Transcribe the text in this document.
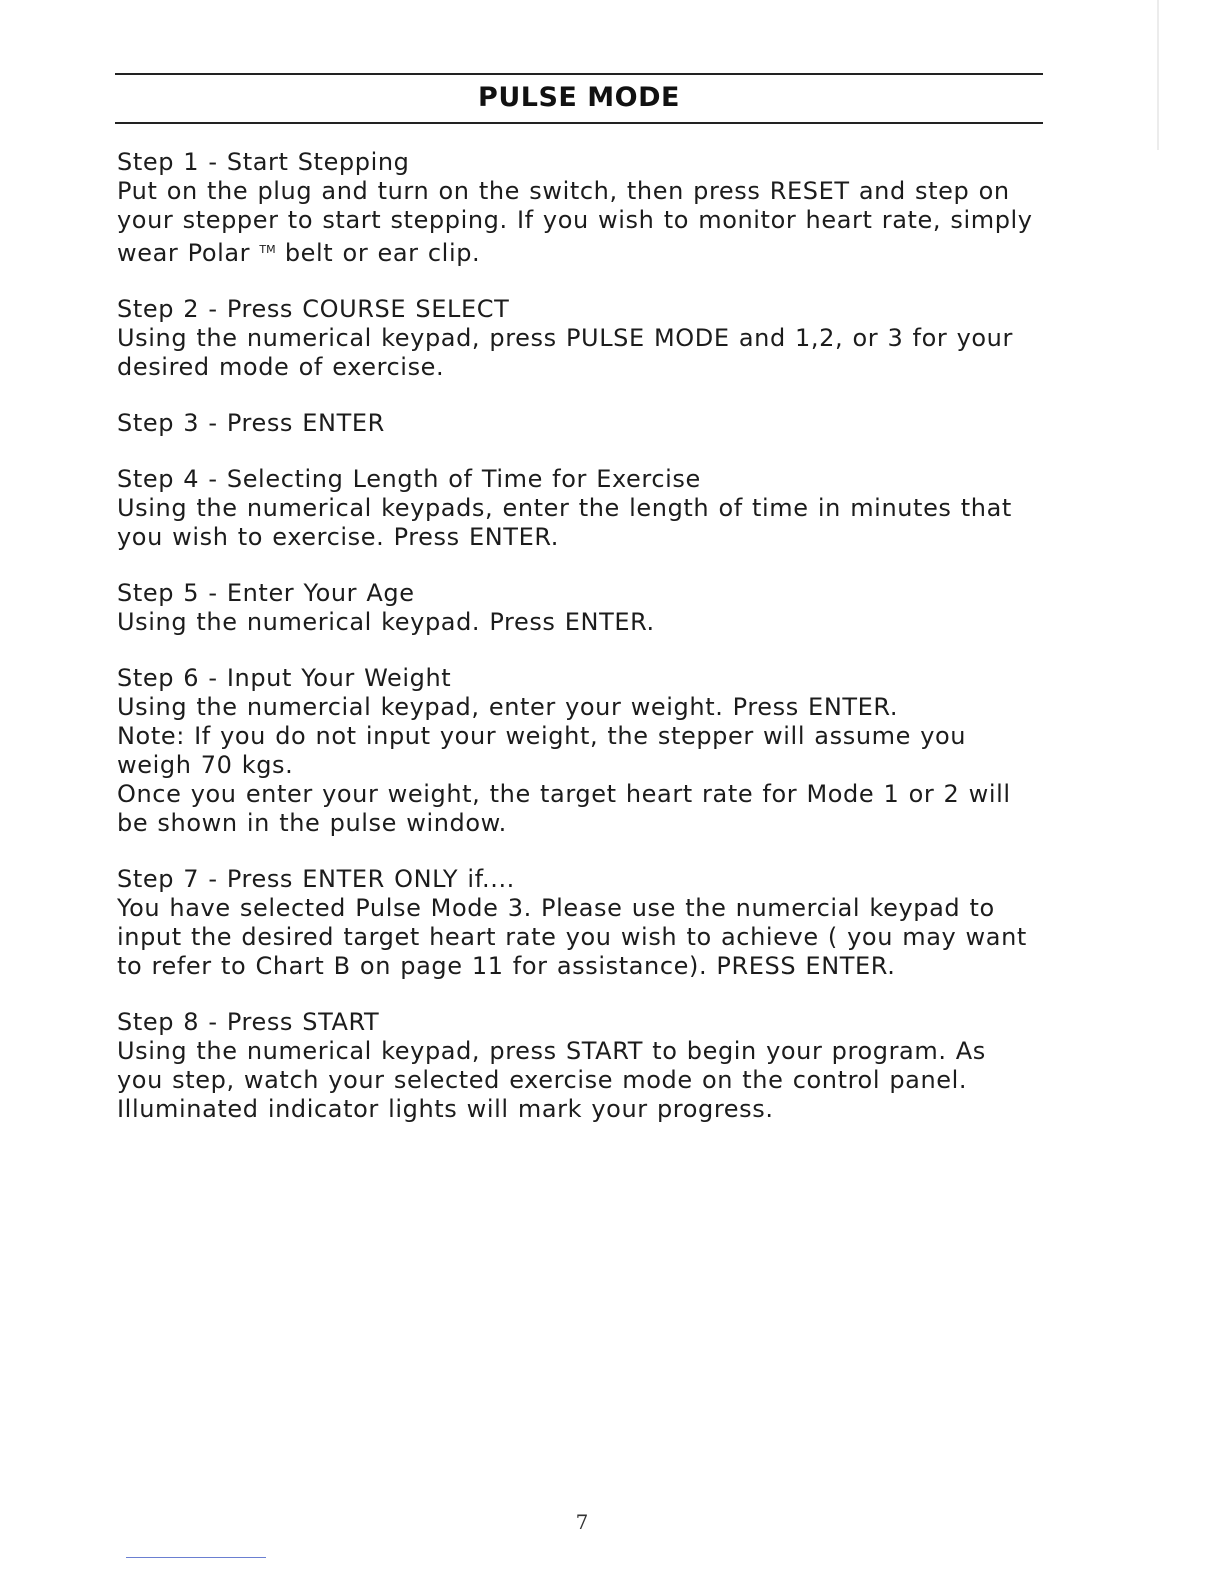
PULSE MODE

Step 1 - Start Stepping

Put on the plug and turn on the switch, then press RESET and step on your stepper to start stepping. If you wish to monitor heart rate, simply wear Polar ™ belt or ear clip.

Step 2 - Press COURSE SELECT

Using the numerical keypad, press PULSE MODE and 1,2, or 3 for your desired mode of exercise.

Step 3 - Press ENTER

Step 4 - Selecting Length of Time for Exercise

Using the numerical keypads, enter the length of time in minutes that you wish to exercise. Press ENTER.

Step 5 - Enter Your Age

Using the numerical keypad. Press ENTER.

Step 6 - Input Your Weight

Using the numercial keypad, enter your weight. Press ENTER.

Note: If you do not input your weight, the stepper will assume you weigh 70 kgs.

Once you enter your weight, the target heart rate for Mode 1 or 2 will be shown in the pulse window.

Step 7 - Press ENTER ONLY if....

You have selected Pulse Mode 3. Please use the numercial keypad to input the desired target heart rate you wish to achieve ( you may want to refer to Chart B on page 11 for assistance). PRESS ENTER.

Step 8 - Press START

Using the numerical keypad, press START to begin your program. As you step, watch your selected exercise mode on the control panel. Illuminated indicator lights will mark your progress.

7
